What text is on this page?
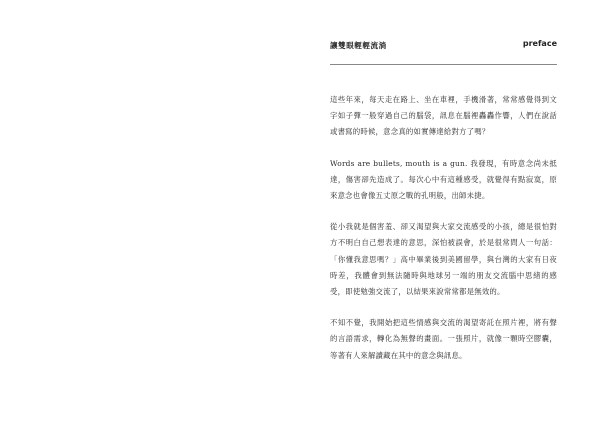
讓雙眼輕輕流淌	preface

這些年來，每天走在路上、坐在車裡，手機滑著，常常感覺得到文字如子彈一般穿過自己的腦袋，訊息在腦裡轟轟作響，人們在說話或書寫的時候，意念真的如實傳達給對方了嗎？

Words are bullets, mouth is a gun. 我發現，有時意念尚未抵達，傷害卻先造成了。每次心中有這種感受，就覺得有點寂寞，原來意念也會像五丈原之戰的孔明般，出師未捷。

從小我就是個害羞、卻又渴望與大家交流感受的小孩，總是很怕對方不明白自己想表達的意思，深怕被誤會，於是很常問人一句話：「你懂我意思嗎？」高中畢業後到美國留學，與台灣的大家有日夜時差，我體會到無法隨時與地球另一端的朋友交流腦中思緒的感受，即使勉強交流了，以結果來說常常都是無效的。

不知不覺，我開始把這些情感與交流的渴望寄託在照片裡，將有聲的言語需求，轉化為無聲的畫面。一張照片，就像一顆時空膠囊，等著有人來解讀藏在其中的意念與訊息。
